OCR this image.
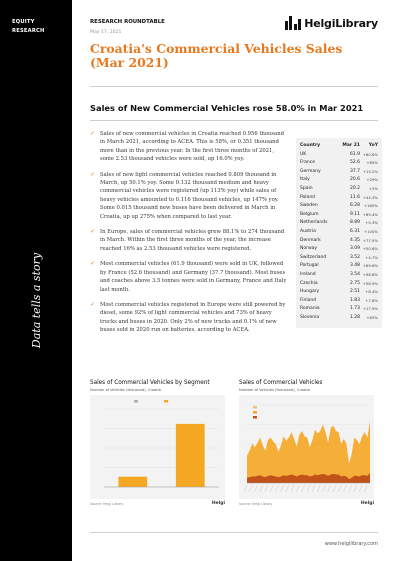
EQUITY
RESEARCH
Data tells a story
RESEARCH ROUNDTABLE
May 17, 2021
HelgiLibrary
Croatia's Commercial Vehicles Sales (Mar 2021)
Sales of New Commercial Vehicles rose 58.0% in Mar 2021
✓ Sales of new commercial vehicles in Croatia reached 0.956 thousand in March 2021, according to ACEA. This is 58%, or 0.351 thousand more than in the previous year. In the first three months of 2021, some 2.53 thousand vehicles were sold, up 16.0% yoy.
✓ Sales of new light commercial vehicles reached 0.809 thousand in March, up 50.1% yoy. Some 0.132 thousand medium and heavy commercial vehicles were registered (up 113% yoy) while sales of heavy vehicles amounted to 0.116 thousand vehicles, up 147% yoy. Some 0.015 thousand new buses have been delivered in March in Croatia, up up 275% when compared to last year.
✓ In Europe, sales of commercial vehicles grew 88.1% to 274 thousand in March. Within the first three months of the year, the increase reached 16% as 2.53 thousand vehicles were registered.
✓ Most commercial vehicles (61.9 thousand) were sold in UK, followed by France (52.6 thousand) and Germany (37.7 thousand). Most buses and coaches above 3.5 tonnes were sold in Germany, France and Italy last month.
✓ Most commercial vehicles registered in Europe were still powered by diesel, some 92% of light commercial vehicles and 73% of heavy trucks and buses in 2020. Only 2% of new trucks and 0.1% of new buses sold in 2020 run on batteries, according to ACEA.
Country	Mar 21	YoY
UK	61.9 +60.6%
France	52.6	+85%
Germany	37.7 +14.2%
Italy	20.6	+29%
Spain	20.2	+2%
Poland	11.6 +44.3%
Sweden	6.28	+160%
Belgium	9.11 +65.4%
Netherlands	8.89	+5.3%
Austria	6.31	+100%
Denmark	4.35 +77.5%
Norway	3.09 +50.6%
Switzerland	3.52	+4.7%
Portugal	3.48 +69.6%
Ireland	3.54 +98.6%
Czechia	2.75 +58.9%
Hungary	2.51	+8.4%
Finland	1.83	+7.8%
Romania	1.73 +17.9%
Slovenia	1.28	+83%
Sales of Commercial Vehicles by Segment
Number of Vehicles (thousand), Croatia
Source: Helgi Library	Helgi
Sales of Commercial Vehicles
Number of Vehicles (thousand), Croatia
Source: Helgi Library	Helgi
www.helgilibrary.com
